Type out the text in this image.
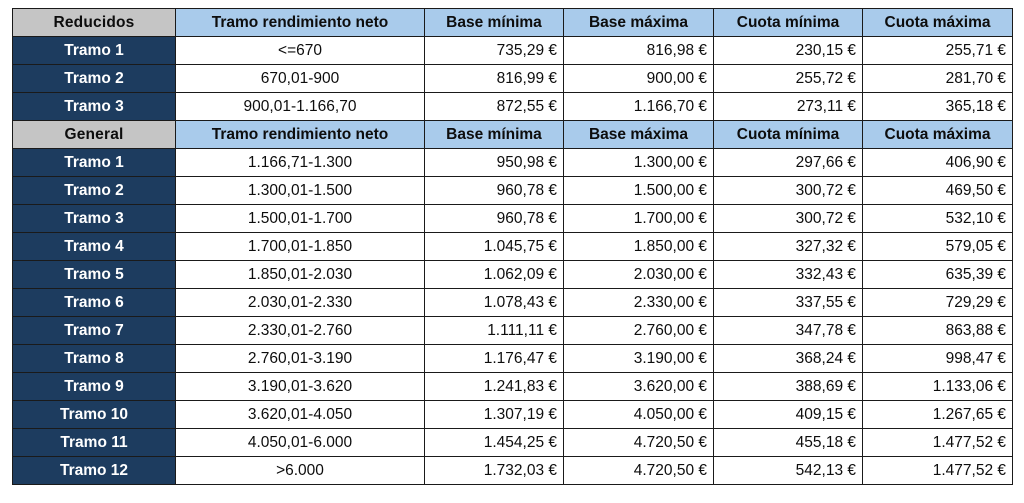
Reducidos	Tramo rendimiento neto	Base mínima	Base máxima	Cuota mínima	Cuota máxima
Tramo 1	<=670	735,29 €	816,98 €	230,15 €	255,71 €
Tramo 2	670,01-900	816,99 €	900,00 €	255,72 €	281,70 €
Tramo 3	900,01-1.166,70	872,55 €	1.166,70 €	273,11 €	365,18 €
General	Tramo rendimiento neto	Base mínima	Base máxima	Cuota mínima	Cuota máxima
Tramo 1	1.166,71-1.300	950,98 €	1.300,00 €	297,66 €	406,90 €
Tramo 2	1.300,01-1.500	960,78 €	1.500,00 €	300,72 €	469,50 €
Tramo 3	1.500,01-1.700	960,78 €	1.700,00 €	300,72 €	532,10 €
Tramo 4	1.700,01-1.850	1.045,75 €	1.850,00 €	327,32 €	579,05 €
Tramo 5	1.850,01-2.030	1.062,09 €	2.030,00 €	332,43 €	635,39 €
Tramo 6	2.030,01-2.330	1.078,43 €	2.330,00 €	337,55 €	729,29 €
Tramo 7	2.330,01-2.760	1.111,11 €	2.760,00 €	347,78 €	863,88 €
Tramo 8	2.760,01-3.190	1.176,47 €	3.190,00 €	368,24 €	998,47 €
Tramo 9	3.190,01-3.620	1.241,83 €	3.620,00 €	388,69 €	1.133,06 €
Tramo 10	3.620,01-4.050	1.307,19 €	4.050,00 €	409,15 €	1.267,65 €
Tramo 11	4.050,01-6.000	1.454,25 €	4.720,50 €	455,18 €	1.477,52 €
Tramo 12	>6.000	1.732,03 €	4.720,50 €	542,13 €	1.477,52 €
